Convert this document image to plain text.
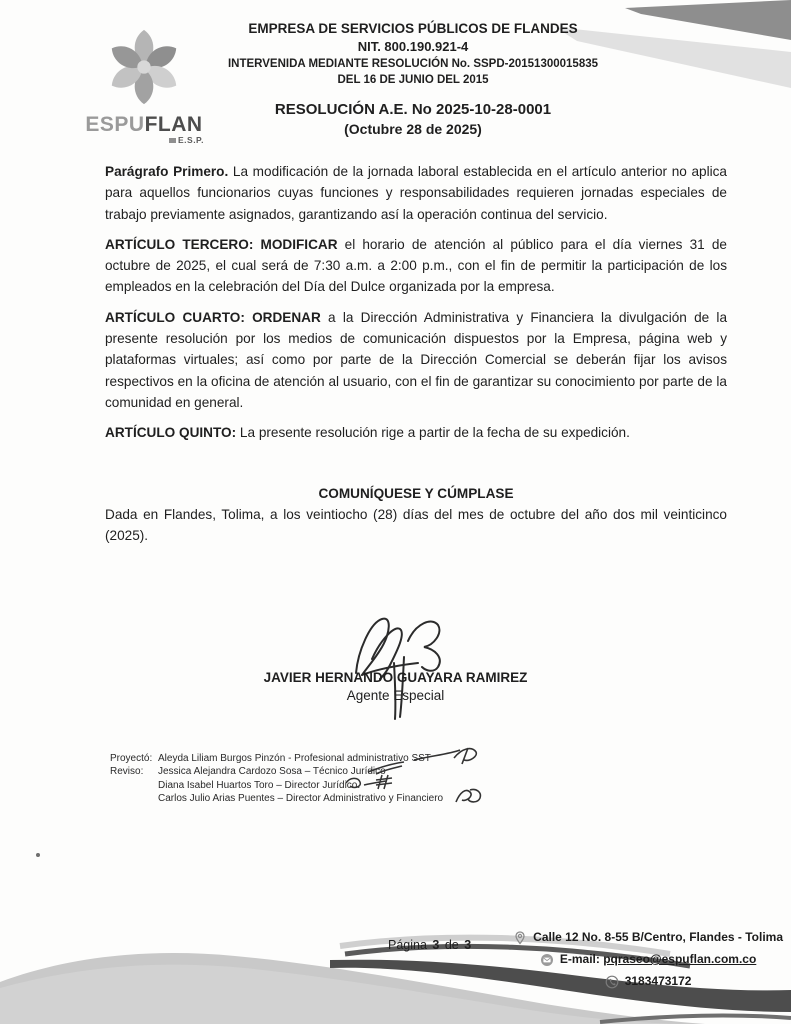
ESPUFLAN
E.S.P.
EMPRESA DE SERVICIOS PÚBLICOS DE FLANDES
NIT. 800.190.921-4
INTERVENIDA MEDIANTE RESOLUCIÓN No. SSPD-20151300015835
DEL 16 DE JUNIO DEL 2015
RESOLUCIÓN A.E. No 2025-10-28-0001
(Octubre 28 de 2025)

Parágrafo Primero. La modificación de la jornada laboral establecida en el artículo anterior no aplica para aquellos funcionarios cuyas funciones y responsabilidades requieren jornadas especiales de trabajo previamente asignados, garantizando así la operación continua del servicio.

ARTÍCULO TERCERO: MODIFICAR el horario de atención al público para el día viernes 31 de octubre de 2025, el cual será de 7:30 a.m. a 2:00 p.m., con el fin de permitir la participación de los empleados en la celebración del Día del Dulce organizada por la empresa.

ARTÍCULO CUARTO: ORDENAR a la Dirección Administrativa y Financiera la divulgación de la presente resolución por los medios de comunicación dispuestos por la Empresa, página web y plataformas virtuales; así como por parte de la Dirección Comercial se deberán fijar los avisos respectivos en la oficina de atención al usuario, con el fin de garantizar su conocimiento por parte de la comunidad en general.

ARTÍCULO QUINTO: La presente resolución rige a partir de la fecha de su expedición.

COMUNÍQUESE Y CÚMPLASE

Dada en Flandes, Tolima, a los veintiocho (28) días del mes de octubre del año dos mil veinticinco (2025).

JAVIER HERNANDO GUAYARA RAMIREZ
Agente Especial
Proyectó: Aleyda Liliam Burgos Pinzón - Profesional administrativo SST
Reviso:	Jessica Alejandra Cardozo Sosa – Técnico Jurídico
Diana Isabel Huartos Toro – Director Jurídico.
Carlos Julio Arias Puentes – Director Administrativo y Financiero
Página 3 de 3
Calle 12 No. 8-55 B/Centro, Flandes - Tolima
E-mail:
pqraseo@espuflan.com.co
3183473172
